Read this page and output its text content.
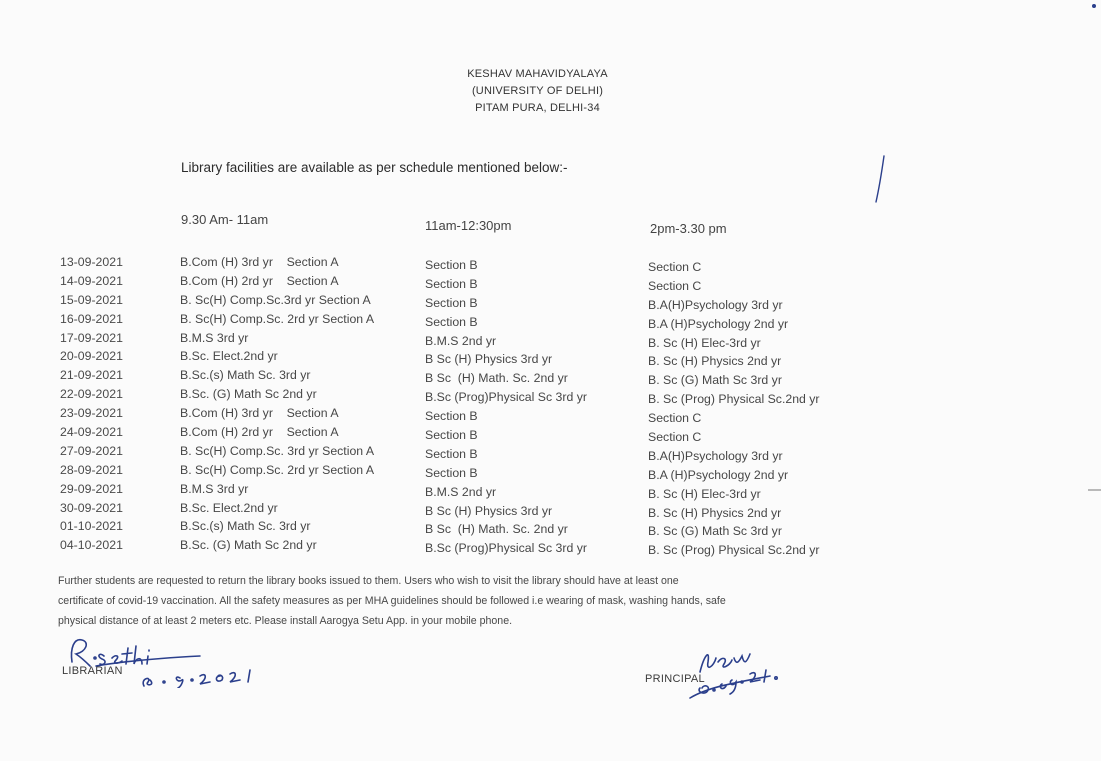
KESHAV MAHAVIDYALAYA
(UNIVERSITY OF DELHI)
PITAM PURA, DELHI-34
Library facilities are available as per schedule mentioned below:-
9.30 Am- 11am	11am-12:30pm	2pm-3.30 pm
13-09-2021
14-09-2021
15-09-2021
16-09-2021
17-09-2021
20-09-2021
21-09-2021
22-09-2021
23-09-2021
24-09-2021
27-09-2021
28-09-2021
29-09-2021
30-09-2021
01-10-2021
04-10-2021
B.Com (H) 3rd yr    Section A
B.Com (H) 2rd yr    Section A
B. Sc(H) Comp.Sc.3rd yr Section A
B. Sc(H) Comp.Sc. 2rd yr Section A
B.M.S 3rd yr
B.Sc. Elect.2nd yr
B.Sc.(s) Math Sc. 3rd yr
B.Sc. (G) Math Sc 2nd yr
B.Com (H) 3rd yr    Section A
B.Com (H) 2rd yr    Section A
B. Sc(H) Comp.Sc. 3rd yr Section A
B. Sc(H) Comp.Sc. 2rd yr Section A
B.M.S 3rd yr
B.Sc. Elect.2nd yr
B.Sc.(s) Math Sc. 3rd yr
B.Sc. (G) Math Sc 2nd yr
Section B
Section B
Section B
Section B
B.M.S 2nd yr
B Sc (H) Physics 3rd yr
B Sc  (H) Math. Sc. 2nd yr
B.Sc (Prog)Physical Sc 3rd yr
Section B
Section B
Section B
Section B
B.M.S 2nd yr
B Sc (H) Physics 3rd yr
B Sc  (H) Math. Sc. 2nd yr
B.Sc (Prog)Physical Sc 3rd yr
Section C
Section C
B.A(H)Psychology 3rd yr
B.A (H)Psychology 2nd yr
B. Sc (H) Elec-3rd yr
B. Sc (H) Physics 2nd yr
B. Sc (G) Math Sc 3rd yr
B. Sc (Prog) Physical Sc.2nd yr
Section C
Section C
B.A(H)Psychology 3rd yr
B.A (H)Psychology 2nd yr
B. Sc (H) Elec-3rd yr
B. Sc (H) Physics 2nd yr
B. Sc (G) Math Sc 3rd yr
B. Sc (Prog) Physical Sc.2nd yr
Further students are requested to return the library books issued to them. Users who wish to visit the library should have at least one
certificate of covid-19 vaccination. All the safety measures as per MHA guidelines should be followed i.e wearing of mask, washing hands, safe
physical distance of at least 2 meters etc. Please install Aarogya Setu App. in your mobile phone.
LIBRARIAN
PRINCIPAL
